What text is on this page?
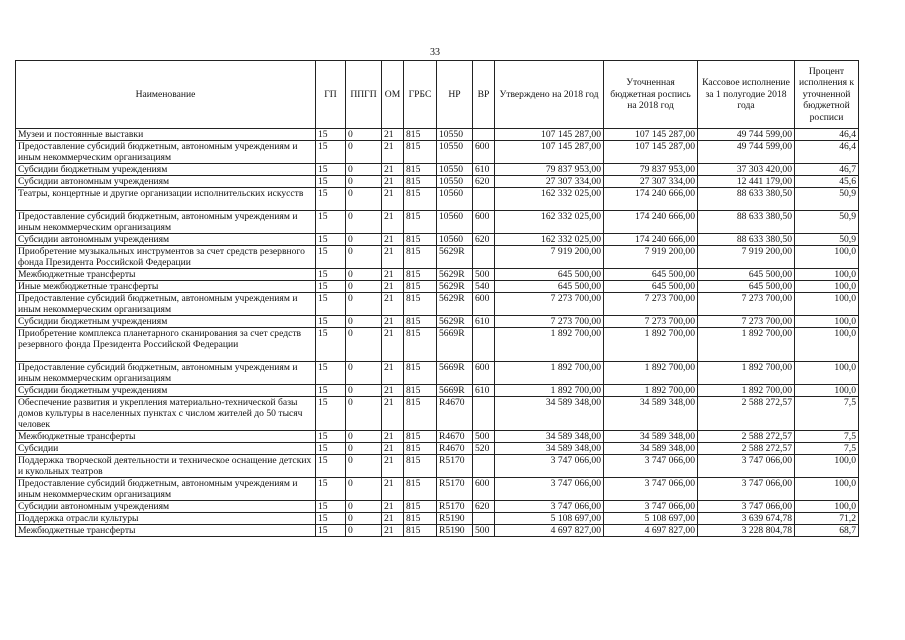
33
Наименование	ГП	ППГП	ОМ	ГРБС	НР	ВР	Утверждено на 2018 год	Уточненная бюджетная роспись на 2018 год	Кассовое исполнение за 1 полугодие 2018 года	Процент исполнения к уточненной бюджетной росписи
Музеи и постоянные выставки	15	0	21	815	10550		107 145 287,00	107 145 287,00	49 744 599,00	46,4
Предоставление субсидий бюджетным, автономным учреждениям и иным некоммерческим организациям	15	0	21	815	10550	600	107 145 287,00	107 145 287,00	49 744 599,00	46,4
Субсидии бюджетным учреждениям	15	0	21	815	10550	610	79 837 953,00	79 837 953,00	37 303 420,00	46,7
Субсидии автономным учреждениям	15	0	21	815	10550	620	27 307 334,00	27 307 334,00	12 441 179,00	45,6
Театры, концертные и другие организации исполнительских искусств	15	0	21	815	10560		162 332 025,00	174 240 666,00	88 633 380,50	50,9
Предоставление субсидий бюджетным, автономным учреждениям и иным некоммерческим организациям	15	0	21	815	10560	600	162 332 025,00	174 240 666,00	88 633 380,50	50,9
Субсидии автономным учреждениям	15	0	21	815	10560	620	162 332 025,00	174 240 666,00	88 633 380,50	50,9
Приобретение музыкальных инструментов за счет средств резервного фонда Президента Российской Федерации	15	0	21	815	5629R		7 919 200,00	7 919 200,00	7 919 200,00	100,0
Межбюджетные трансферты	15	0	21	815	5629R	500	645 500,00	645 500,00	645 500,00	100,0
Иные межбюджетные трансферты	15	0	21	815	5629R	540	645 500,00	645 500,00	645 500,00	100,0
Предоставление субсидий бюджетным, автономным учреждениям и иным некоммерческим организациям	15	0	21	815	5629R	600	7 273 700,00	7 273 700,00	7 273 700,00	100,0
Субсидии бюджетным учреждениям	15	0	21	815	5629R	610	7 273 700,00	7 273 700,00	7 273 700,00	100,0
Приобретение комплекса планетарного сканирования за счет средств резервного фонда Президента Российской Федерации	15	0	21	815	5669R		1 892 700,00	1 892 700,00	1 892 700,00	100,0
Предоставление субсидий бюджетным, автономным учреждениям и иным некоммерческим организациям	15	0	21	815	5669R	600	1 892 700,00	1 892 700,00	1 892 700,00	100,0
Субсидии бюджетным учреждениям	15	0	21	815	5669R	610	1 892 700,00	1 892 700,00	1 892 700,00	100,0
Обеспечение развития и укрепления материально-технической базы домов культуры в населенных пунктах с числом жителей до 50 тысяч человек	15	0	21	815	R4670		34 589 348,00	34 589 348,00	2 588 272,57	7,5
Межбюджетные трансферты	15	0	21	815	R4670	500	34 589 348,00	34 589 348,00	2 588 272,57	7,5
Субсидии	15	0	21	815	R4670	520	34 589 348,00	34 589 348,00	2 588 272,57	7,5
Поддержка творческой деятельности и техническое оснащение детских и кукольных театров	15	0	21	815	R5170		3 747 066,00	3 747 066,00	3 747 066,00	100,0
Предоставление субсидий бюджетным, автономным учреждениям и иным некоммерческим организациям	15	0	21	815	R5170	600	3 747 066,00	3 747 066,00	3 747 066,00	100,0
Субсидии автономным учреждениям	15	0	21	815	R5170	620	3 747 066,00	3 747 066,00	3 747 066,00	100,0
Поддержка отрасли культуры	15	0	21	815	R5190		5 108 697,00	5 108 697,00	3 639 674,78	71,2
Межбюджетные трансферты	15	0	21	815	R5190	500	4 697 827,00	4 697 827,00	3 228 804,78	68,7
